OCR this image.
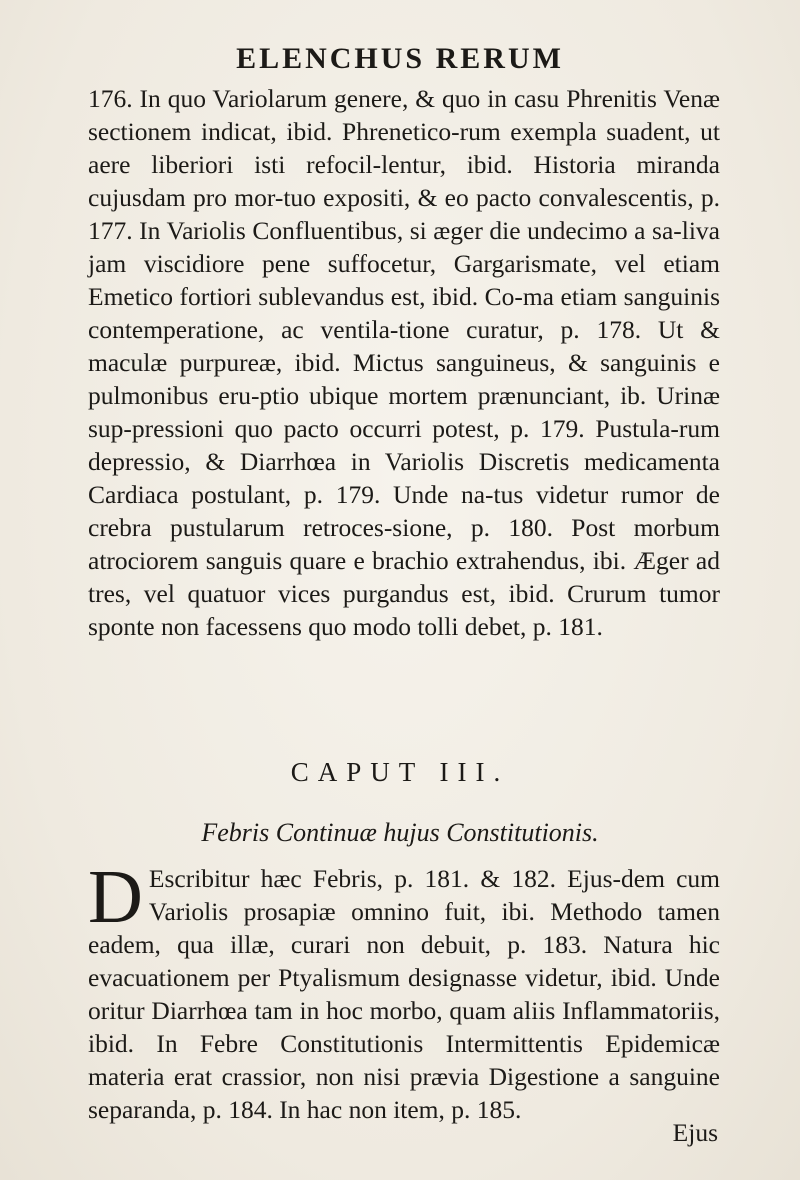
ELENCHUS RERUM

176. In quo Variolarum genere, & quo in casu Phrenitis Venæ sectionem indicat, ibid. Phrenetico-rum exempla suadent, ut aere liberiori isti refocil-lentur, ibid. Historia miranda cujusdam pro mor-tuo expositi, & eo pacto convalescentis, p. 177. In Variolis Confluentibus, si æger die undecimo a sa-liva jam viscidiore pene suffocetur, Gargarismate, vel etiam Emetico fortiori sublevandus est, ibid. Co-ma etiam sanguinis contemperatione, ac ventila-tione curatur, p. 178. Ut & maculæ purpureæ, ibid. Mictus sanguineus, & sanguinis e pulmonibus eru-ptio ubique mortem prænunciant, ib. Urinæ sup-pressioni quo pacto occurri potest, p. 179. Pustula-rum depressio, & Diarrhœa in Variolis Discretis medicamenta Cardiaca postulant, p. 179. Unde na-tus videtur rumor de crebra pustularum retroces-sione, p. 180. Post morbum atrociorem sanguis quare e brachio extrahendus, ibi. Æger ad tres, vel quatuor vices purgandus est, ibid. Crurum tumor sponte non facessens quo modo tolli debet, p. 181.

CAPUT III.
Febris Continuæ hujus Constitutionis.

D Escribitur hæc Febris, p. 181. & 182. Ejus-dem cum Variolis prosapiæ omnino fuit, ibi. Methodo tamen eadem, qua illæ, curari non debuit, p. 183. Natura hic evacuationem per Ptyalismum designasse videtur, ibid. Unde oritur Diarrhœa tam in hoc morbo, quam aliis Inflammatoriis, ibid. In Febre Constitutionis Intermittentis Epidemicæ materia erat crassior, non nisi prævia Digestione a sanguine separanda, p. 184. In hac non item, p. 185.

Ejus
